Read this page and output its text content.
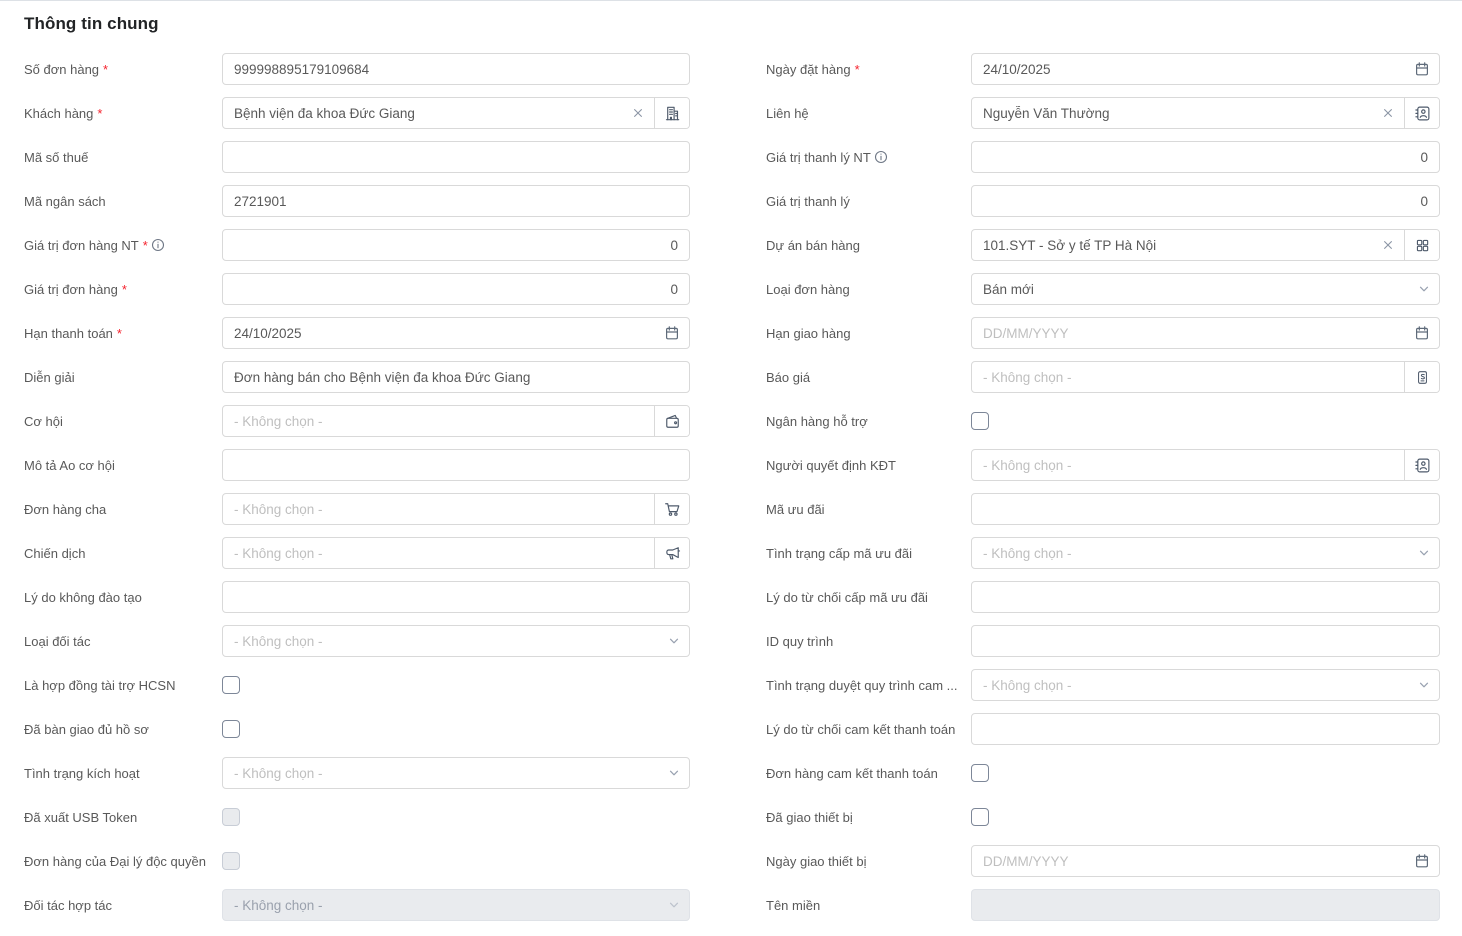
Thông tin chung
Số đơn hàng *
999998895179109684
Khách hàng *
Bệnh viện đa khoa Đức Giang
Mã số thuế
Mã ngân sách
2721901
Giá trị đơn hàng NT *
0
Giá trị đơn hàng *
0
Hạn thanh toán *
24/10/2025
Diễn giải
Đơn hàng bán cho Bệnh viện đa khoa Đức Giang
Cơ hội
- Không chọn -
Mô tả Ao cơ hội
Đơn hàng cha
- Không chọn -
Chiến dịch
- Không chọn -
Lý do không đào tạo
Loại đối tác
- Không chọn -
Là hợp đồng tài trợ HCSN
Đã bàn giao đủ hồ sơ
Tình trạng kích hoạt
- Không chọn -
Đã xuất USB Token
Đơn hàng của Đại lý độc quyền
Đối tác hợp tác
- Không chọn -
Ngày đặt hàng *
24/10/2025
Liên hệ
Nguyễn Văn Thường
Giá trị thanh lý NT
0
Giá trị thanh lý
0
Dự án bán hàng
101.SYT - Sở y tế TP Hà Nội
Loại đơn hàng
Bán mới
Hạn giao hàng
DD/MM/YYYY
Báo giá
- Không chọn -
Ngân hàng hỗ trợ
Người quyết định KĐT
- Không chọn -
Mã ưu đãi
Tình trạng cấp mã ưu đãi
- Không chọn -
Lý do từ chối cấp mã ưu đãi
ID quy trình
Tình trạng duyệt quy trình cam ...
- Không chọn -
Lý do từ chối cam kết thanh toán
Đơn hàng cam kết thanh toán
Đã giao thiết bị
Ngày giao thiết bị
DD/MM/YYYY
Tên miền
